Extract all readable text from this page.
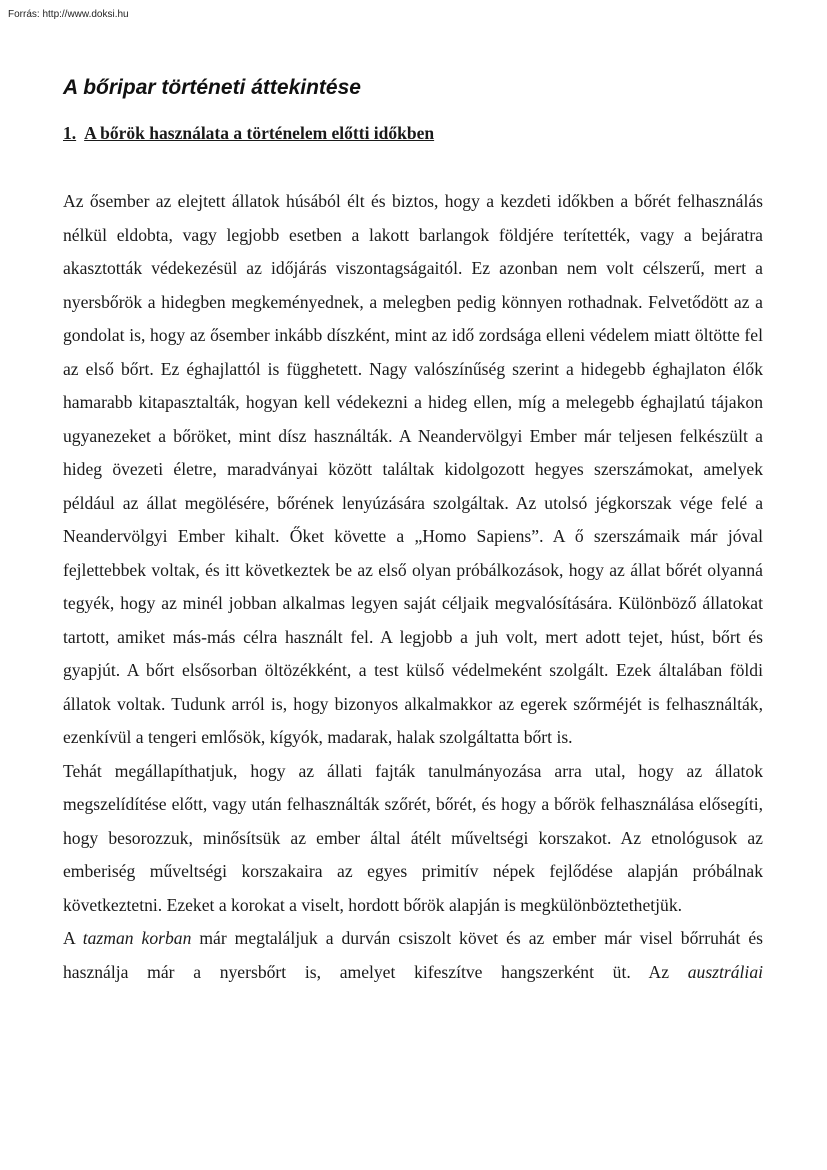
Forrás: http://www.doksi.hu

A bőripar történeti áttekintése
1. A bőrök használata a történelem előtti időkben

Az ősember az elejtett állatok húsából élt és biztos, hogy a kezdeti időkben a bőrét felhasználás nélkül eldobta, vagy legjobb esetben a lakott barlangok földjére terítették, vagy a bejáratra akasztották védekezésül az időjárás viszontagságaitól. Ez azonban nem volt célszerű, mert a nyersbőrök a hidegben megkeményednek, a melegben pedig könnyen rothadnak. Felvetődött az a gondolat is, hogy az ősember inkább díszként, mint az idő zordsága elleni védelem miatt öltötte fel az első bőrt. Ez éghajlattól is függhetett. Nagy valószínűség szerint a hidegebb éghajlaton élők hamarabb kitapasztalták, hogyan kell védekezni a hideg ellen, míg a melegebb éghajlatú tájakon ugyanezeket a bőröket, mint dísz használták. A Neandervölgyi Ember már teljesen felkészült a hideg övezeti életre, maradványai között találtak kidolgozott hegyes szerszámokat, amelyek például az állat megölésére, bőrének lenyúzására szolgáltak. Az utolsó jégkorszak vége felé a Neandervölgyi Ember kihalt. Őket követte a „Homo Sapiens”. A ő szerszámaik már jóval fejlettebbek voltak, és itt következtek be az első olyan próbálkozások, hogy az állat bőrét olyanná tegyék, hogy az minél jobban alkalmas legyen saját céljaik megvalósítására. Különböző állatokat tartott, amiket más-más célra használt fel. A legjobb a juh volt, mert adott tejet, húst, bőrt és gyapjút. A bőrt elsősorban öltözékként, a test külső védelmeként szolgált. Ezek általában földi állatok voltak. Tudunk arról is, hogy bizonyos alkalmakkor az egerek szőrméjét is felhasználták, ezenkívül a tengeri emlősök, kígyók, madarak, halak szolgáltatta bőrt is.

Tehát megállapíthatjuk, hogy az állati fajták tanulmányozása arra utal, hogy az állatok megszelídítése előtt, vagy után felhasználták szőrét, bőrét, és hogy a bőrök felhasználása elősegíti, hogy besorozzuk, minősítsük az ember által átélt műveltségi korszakot. Az etnológusok az emberiség műveltségi korszakaira az egyes primitív népek fejlődése alapján próbálnak következtetni. Ezeket a korokat a viselt, hordott bőrök alapján is megkülönböztethetjük.

A tazman korban már megtaláljuk a durván csiszolt követ és az ember már visel bőrruhát és használja már a nyersbőrt is, amelyet kifeszítve hangszerként üt. Az ausztráliai
